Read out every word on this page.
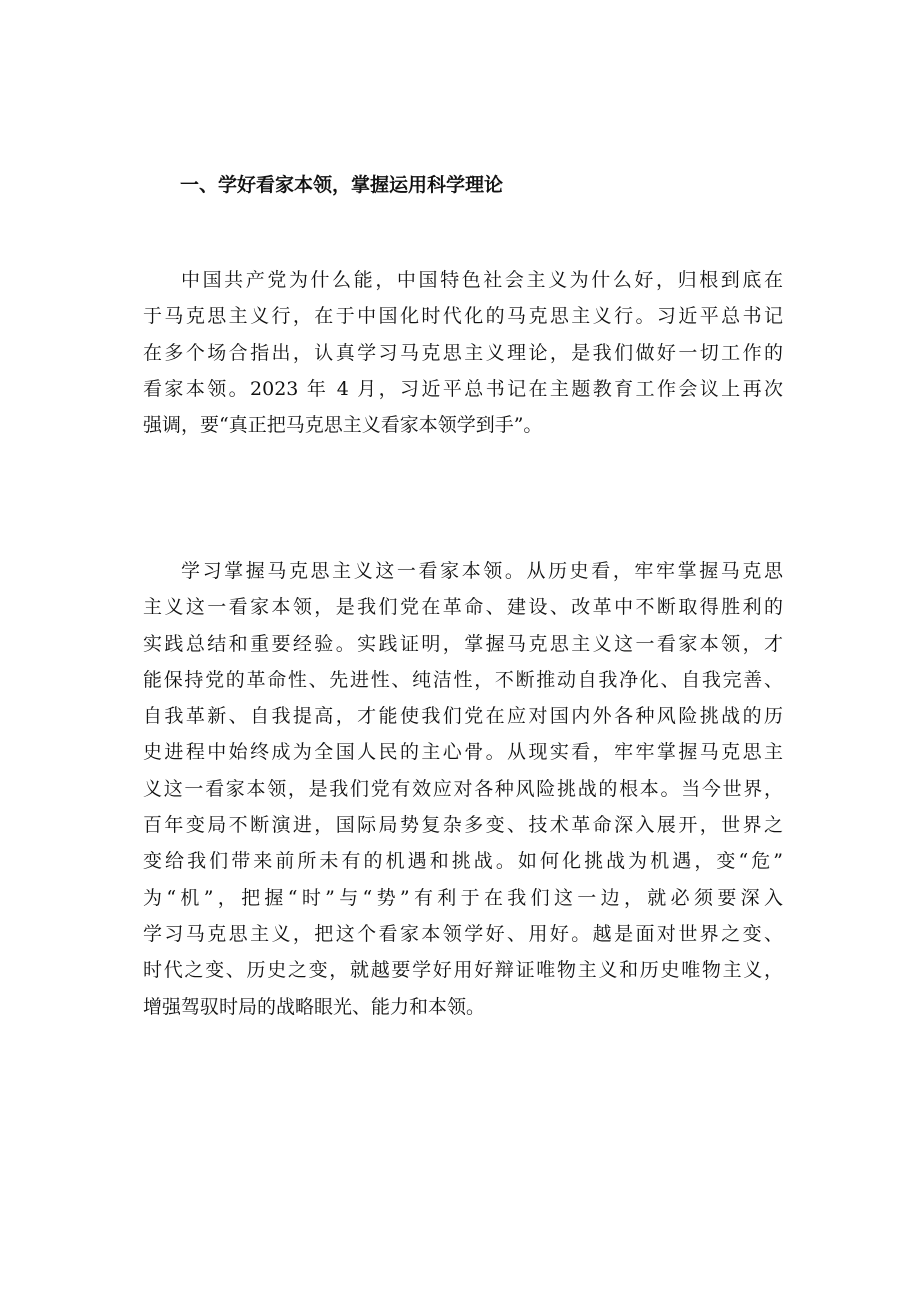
一、学好看家本领，掌握运用科学理论
中国共产党为什么能，中国特色社会主义为什么好，归根到底在
于马克思主义行，在于中国化时代化的马克思主义行。习近平总书记
在多个场合指出，认真学习马克思主义理论，是我们做好一切工作的
看家本领。2023 年 4 月，习近平总书记在主题教育工作会议上再次
强调，要“真正把马克思主义看家本领学到手”。
学习掌握马克思主义这一看家本领。从历史看，牢牢掌握马克思
主义这一看家本领，是我们党在革命、建设、改革中不断取得胜利的
实践总结和重要经验。实践证明，掌握马克思主义这一看家本领，才
能保持党的革命性、先进性、纯洁性，不断推动自我净化、自我完善、
自我革新、自我提高，才能使我们党在应对国内外各种风险挑战的历
史进程中始终成为全国人民的主心骨。从现实看，牢牢掌握马克思主
义这一看家本领，是我们党有效应对各种风险挑战的根本。当今世界，
百年变局不断演进，国际局势复杂多变、技术革命深入展开，世界之
变给我们带来前所未有的机遇和挑战。如何化挑战为机遇，变“危”
为“机”，把握“时”与“势”有利于在我们这一边，就必须要深入
学习马克思主义，把这个看家本领学好、用好。越是面对世界之变、
时代之变、历史之变，就越要学好用好辩证唯物主义和历史唯物主义，
增强驾驭时局的战略眼光、能力和本领。
